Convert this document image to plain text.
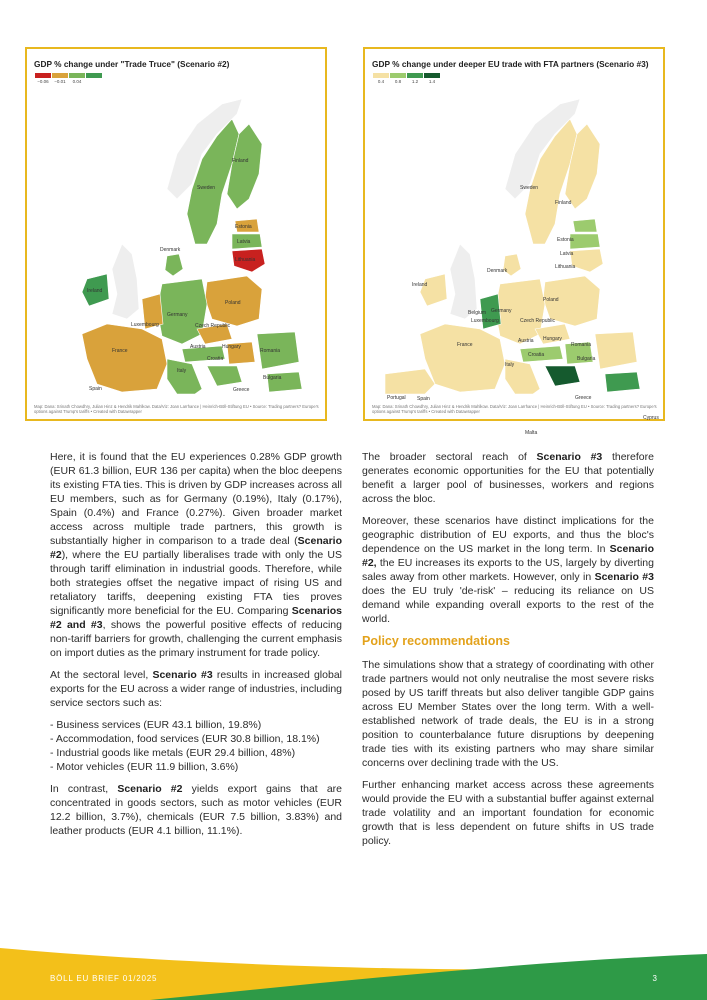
GDP % change under "Trade Truce" (Scenario #2)
−0.06	−0.01	0.04
Sweden
Finland
Estonia
Latvia
Lithuania
Denmark
Ireland
Germany
Poland
Luxembourg	Czech Republic
France
Austria	Hungary
Romania
Croatia
Italy
Bulgaria
Spain	Greece
Map: Dana: Srinath Chowdhry, Julian Hinz & Hendrik Mahlkow. Data/Viz: Joan Larrhance | Heinrich-Böll-Stiftung EU • Source: Trading partners? Europe's options against Trump's tariffs • Created with Datawrapper
GDP % change under deeper EU trade with FTA partners (Scenario #3)
0.4	0.8	1.2	1.4
Sweden
Finland
Estonia
Latvia
Lithuania
Denmark
Ireland
Belgium Germany
Luxembourg
Poland
Czech Republic
France
Austria Hungary
Romania
Croatia
Italy
Bulgaria
Portugal Spain	Greece
Cyprus
Malta
Map: Dana: Srinath Chowdhry, Julian Hinz & Hendrik Mahlkow. Data/Viz: Joan Larrhance | Heinrich-Böll-Stiftung EU • Source: Trading partners? Europe's options against Trump's tariffs • Created with Datawrapper

Here, it is found that the EU experiences 0.28% GDP growth (EUR 61.3 billion, EUR 136 per capita) when the bloc deepens its existing FTA ties. This is driven by GDP increases across all EU members, such as for Germany (0.19%), Italy (0.17%), Spain (0.4%) and France (0.27%). Given broader market access across multiple trade partners, this growth is substantially higher in comparison to a trade deal (Scenario #2), where the EU partially liberalises trade with only the US through tariff elimination in industrial goods. Therefore, while both strategies offset the negative impact of rising US and retaliatory tariffs, deepening existing FTA ties proves significantly more beneficial for the EU. Comparing Scenarios #2 and #3, shows the powerful positive effects of reducing non-tariff barriers for growth, challenging the current emphasis on import duties as the primary instrument for trade policy.

At the sectoral level, Scenario #3 results in increased global exports for the EU across a wider range of industries, including service sectors such as:

- Business services (EUR 43.1 billion, 19.8%)
- Accommodation, food services (EUR 30.8 billion, 18.1%)
- Industrial goods like metals (EUR 29.4 billion, 48%)
- Motor vehicles (EUR 11.9 billion, 3.6%)

In contrast, Scenario #2 yields export gains that are concentrated in goods sectors, such as motor vehicles (EUR 12.2 billion, 3.7%), chemicals (EUR 7.5 billion, 3.83%) and leather products (EUR 4.1 billion, 11.1%).

The broader sectoral reach of Scenario #3 therefore generates economic opportunities for the EU that potentially benefit a larger pool of businesses, workers and regions across the bloc.

Moreover, these scenarios have distinct implications for the geographic distribution of EU exports, and thus the bloc's dependence on the US market in the long term. In Scenario #2, the EU increases its exports to the US, largely by diverting sales away from other markets. However, only in Scenario #3 does the EU truly 'de-risk' – reducing its reliance on US demand while expanding overall exports to the rest of the world.

Policy recommendations

The simulations show that a strategy of coordinating with other trade partners would not only neutralise the most severe risks posed by US tariff threats but also deliver tangible GDP gains across EU Member States over the long term. With a well-established network of trade deals, the EU is in a strong position to counterbalance future disruptions by deepening trade ties with its existing partners who may share similar concerns over declining trade with the US.

Further enhancing market access across these agreements would provide the EU with a substantial buffer against external trade volatility and an important foundation for economic growth that is less dependent on future shifts in US trade policy.

BÖLL EU BRIEF 01/2025	3
